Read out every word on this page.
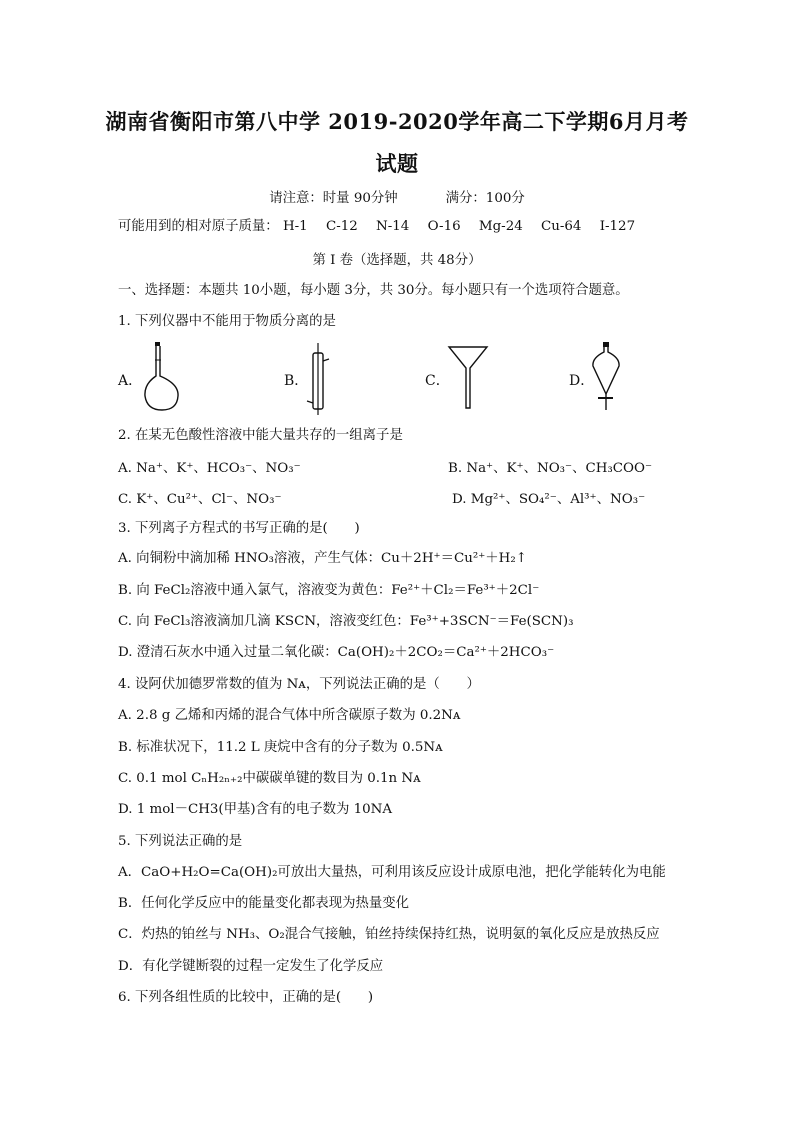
湖南省衡阳市第八中学 2019-2020学年高二下学期6月月考
试题
请注意：时量 90分钟	满分：100分
可能用到的相对原子质量： H-1 C-12 N-14 O-16 Mg-24 Cu-64 I-127
第 I 卷（选择题，共 48分）
一、选择题：本题共 10小题，每小题 3分，共 30分。每小题只有一个选项符合题意。
1. 下列仪器中不能用于物质分离的是
A．	B．	C．	D．
2. 在某无色酸性溶液中能大量共存的一组离子是
A. Na⁺、K⁺、HCO₃⁻、NO₃⁻	B. Na⁺、K⁺、NO₃⁻、CH₃COO⁻
C. K⁺、Cu²⁺、Cl⁻、NO₃⁻	D. Mg²⁺、SO₄²⁻、Al³⁺、NO₃⁻
3. 下列离子方程式的书写正确的是(　　)
A. 向铜粉中滴加稀 HNO₃溶液，产生气体：Cu＋2H⁺＝Cu²⁺＋H₂↑
B. 向 FeCl₂溶液中通入氯气，溶液变为黄色：Fe²⁺＋Cl₂＝Fe³⁺＋2Cl⁻
C. 向 FeCl₃溶液滴加几滴 KSCN，溶液变红色：Fe³⁺+3SCN⁻＝Fe(SCN)₃
D. 澄清石灰水中通入过量二氧化碳：Ca(OH)₂＋2CO₂＝Ca²⁺＋2HCO₃⁻
4. 设阿伏加德罗常数的值为 Nᴀ，下列说法正确的是（　　）
A. 2.8 g 乙烯和丙烯的混合气体中所含碳原子数为 0.2Nᴀ
B. 标准状况下，11.2 L 庚烷中含有的分子数为 0.5Nᴀ
C. 0.1 mol CₙH₂ₙ₊₂中碳碳单键的数目为 0.1n Nᴀ
D. 1 mol－CH3(甲基)含有的电子数为 10NA
5. 下列说法正确的是
A．CaO+H₂O=Ca(OH)₂可放出大量热，可利用该反应设计成原电池，把化学能转化为电能
B．任何化学反应中的能量变化都表现为热量变化
C．灼热的铂丝与 NH₃、O₂混合气接触，铂丝持续保持红热，说明氨的氧化反应是放热反应
D．有化学键断裂的过程一定发生了化学反应
6. 下列各组性质的比较中，正确的是(　　)
